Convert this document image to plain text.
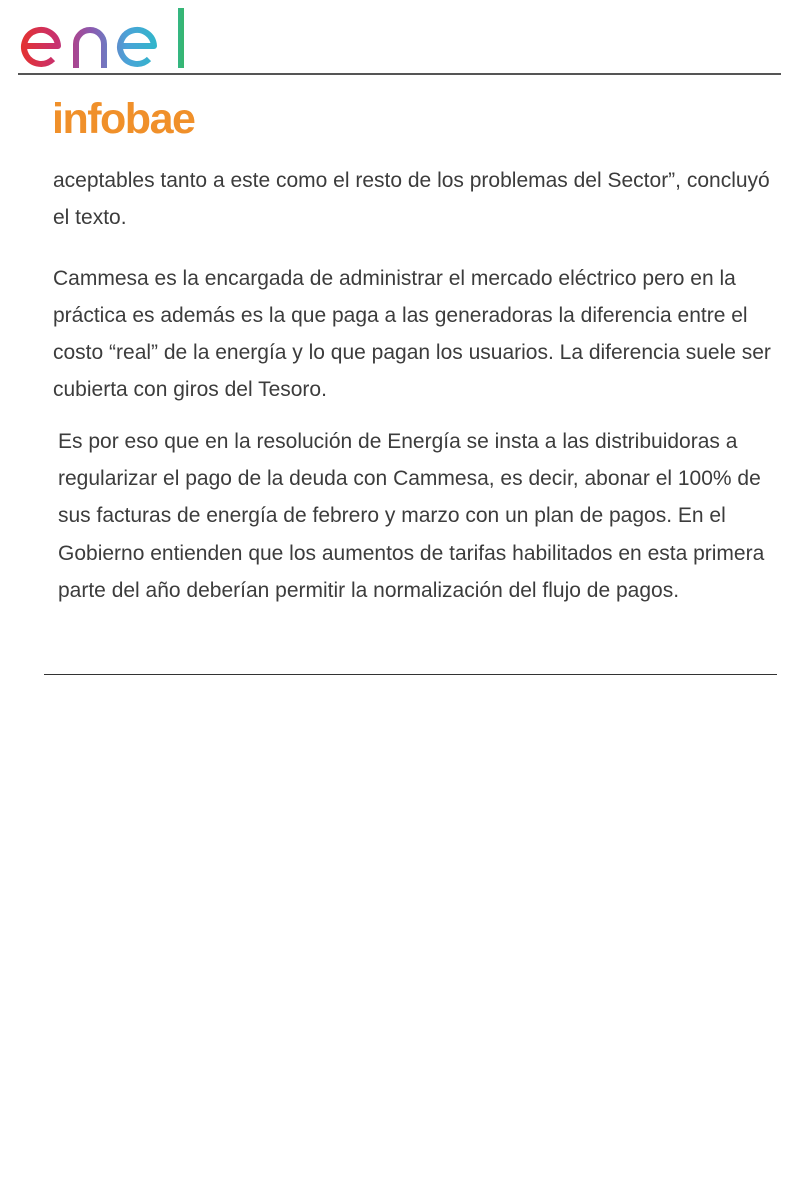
infobae

aceptables tanto a este como el resto de los problemas del Sector”, concluyó el texto.

Cammesa es la encargada de administrar el mercado eléctrico pero en la práctica es además es la que paga a las generadoras la diferencia entre el costo “real” de la energía y lo que pagan los usuarios. La diferencia suele ser cubierta con giros del Tesoro.

Es por eso que en la resolución de Energía se insta a las distribuidoras a regularizar el pago de la deuda con Cammesa, es decir, abonar el 100% de sus facturas de energía de febrero y marzo con un plan de pagos. En el Gobierno entienden que los aumentos de tarifas habilitados en esta primera parte del año deberían permitir la normalización del flujo de pagos.
